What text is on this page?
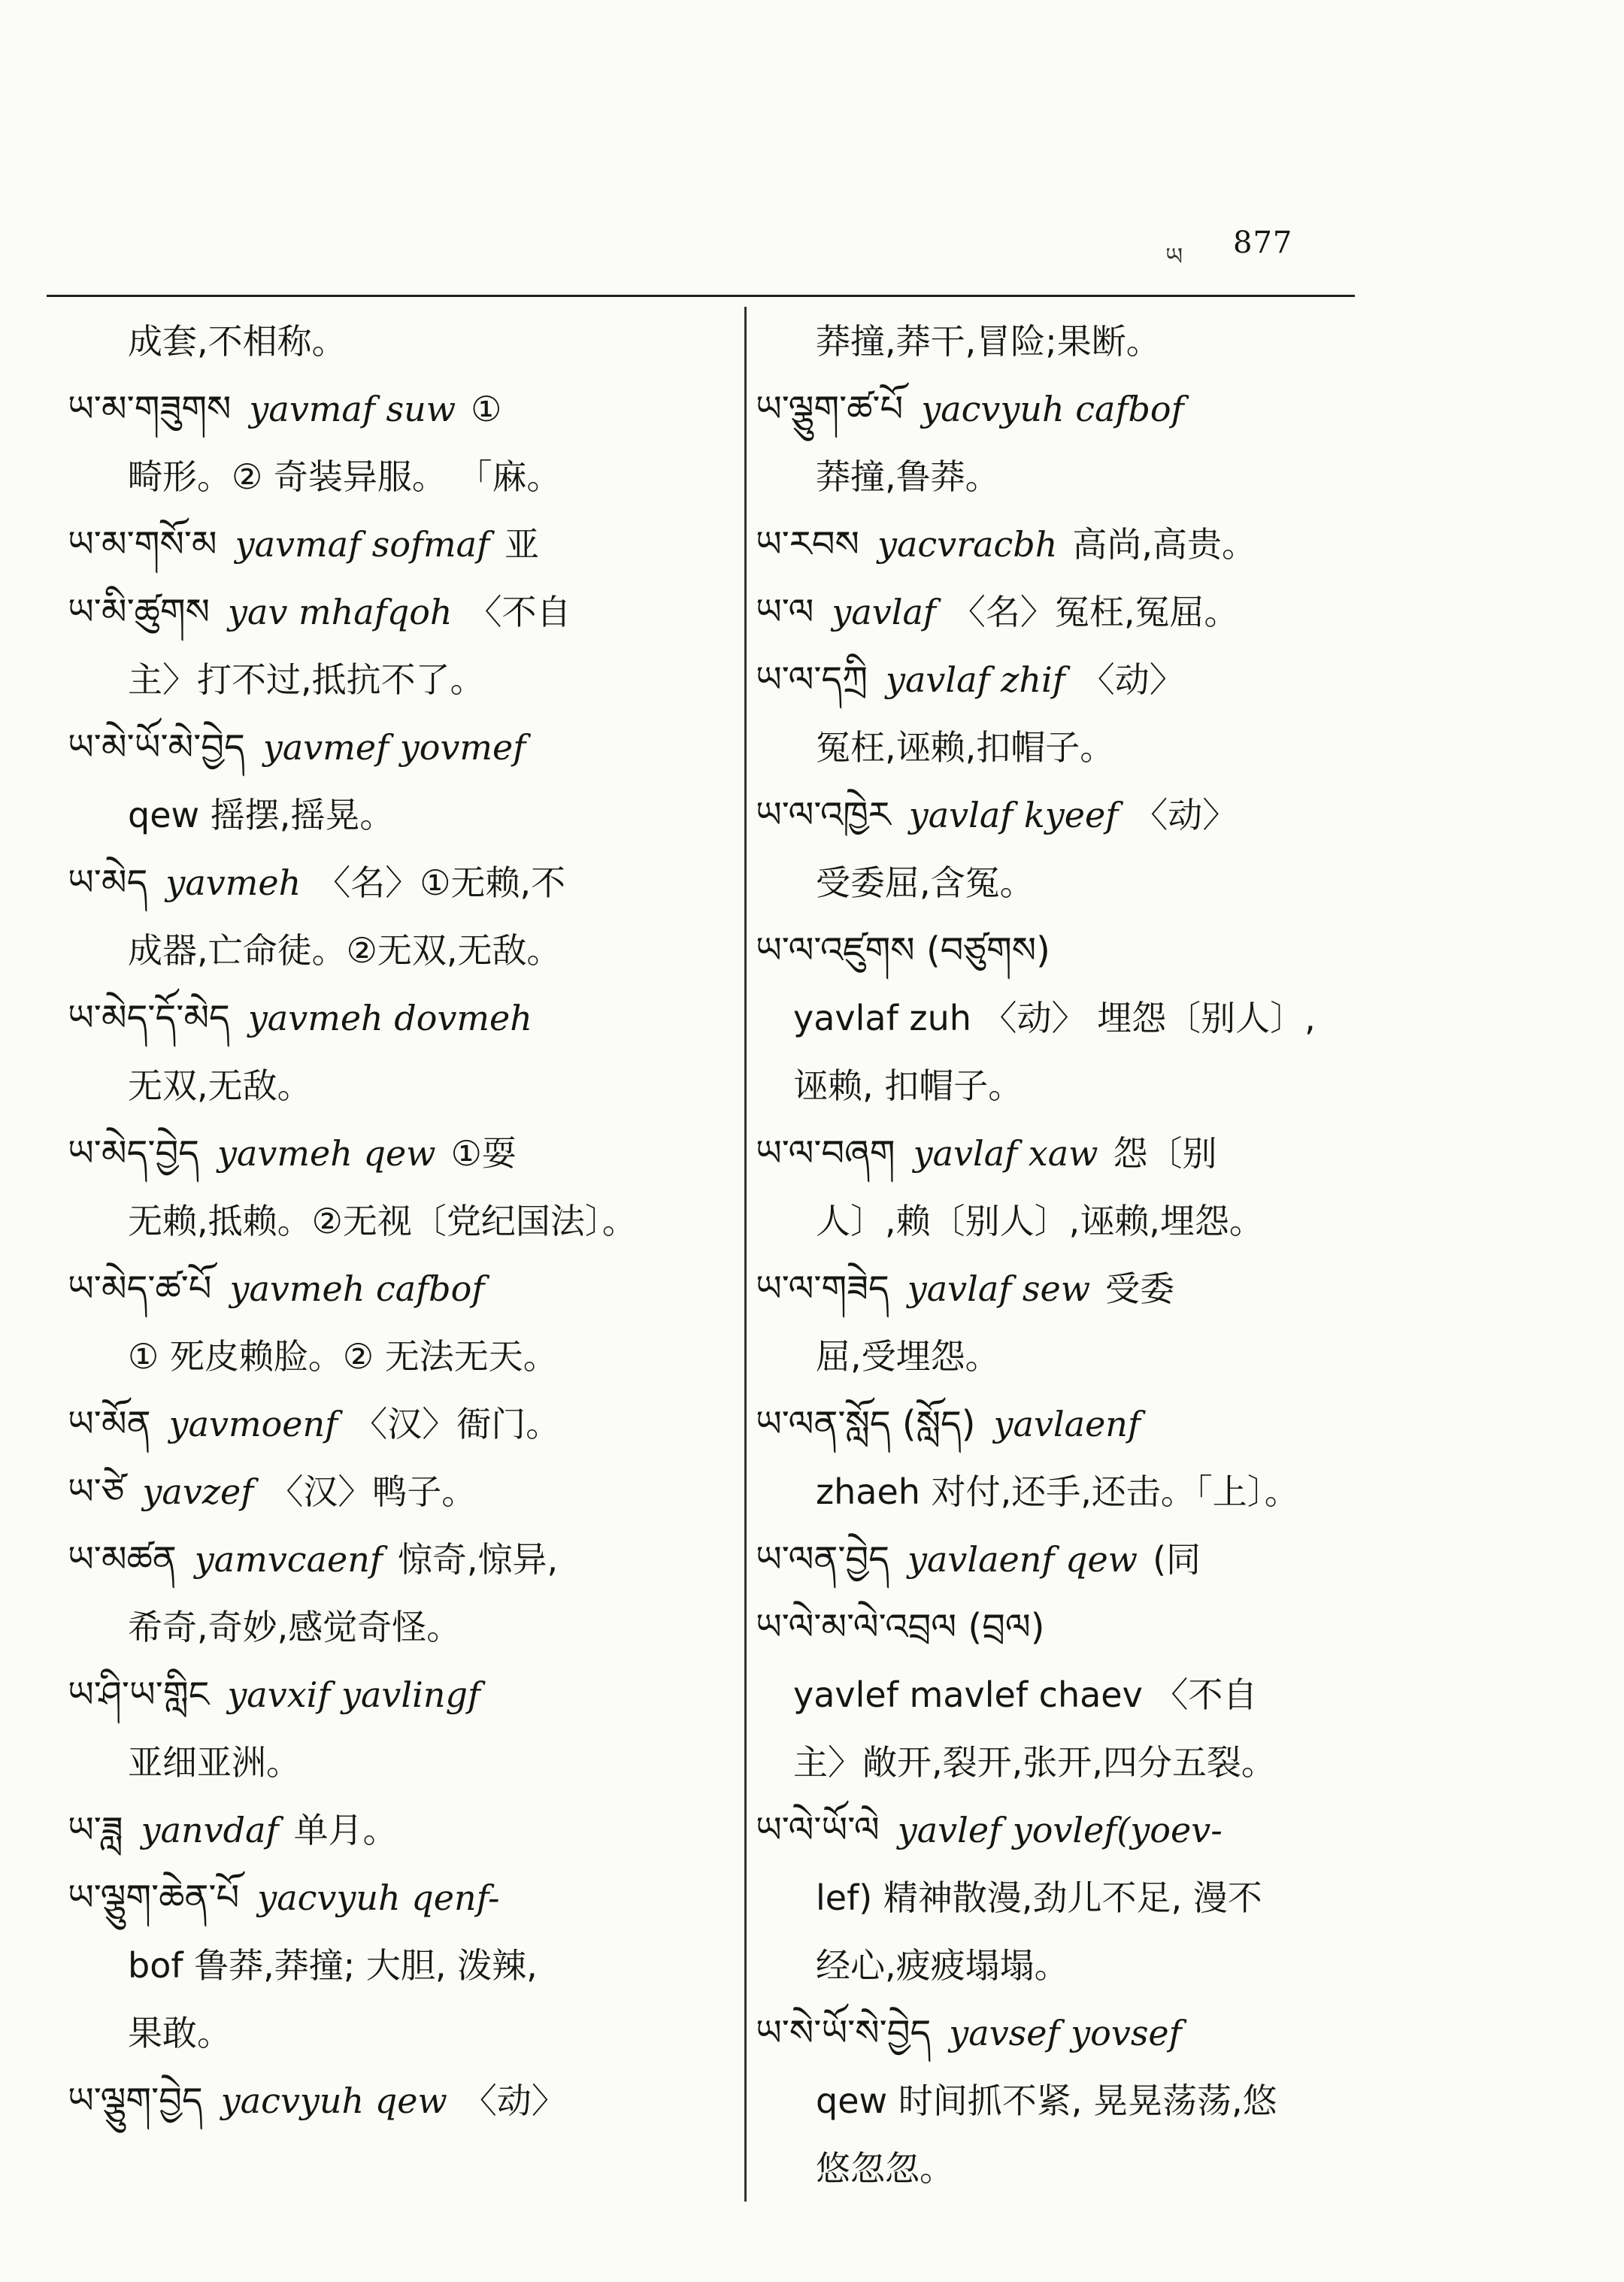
ཡ 877
成套,不相称。
ཡ་མ་གཟུགས yavmaf suw ①
畸形。② 奇装异服。 「麻。
ཡ་མ་གསོ་མ yavmaf sofmaf 亚
ཡ་མི་ཚུགས yav mhafqoh 〈不自
主〉打不过,抵抗不了。
ཡ་མེ་ཡོ་མེ་བྱེད yavmef yovmef
qew 摇摆,摇晃。
ཡ་མེད yavmeh 〈名〉①无赖,不
成器,亡命徒。②无双,无敌。
ཡ་མེད་དོ་མེད yavmeh dovmeh
无双,无敌。
ཡ་མེད་བྱེད yavmeh qew ①耍
无赖,抵赖。②无视〔党纪国法〕。
ཡ་མེད་ཚ་པོ yavmeh cafbof
① 死皮赖脸。② 无法无天。
ཡ་མོན yavmoenf 〈汉〉衙门。
ཡ་ཙེ yavzef 〈汉〉鸭子。
ཡ་མཚན yamvcaenf 惊奇,惊异,
希奇,奇妙,感觉奇怪。
ཡ་ཤི་ཡ་གླིང yavxif yavlingf
亚细亚洲。
ཡ་ཟླ yanvdaf 单月。
ཡ་ལྕུག་ཆེན་པོ yacvyuh qenf-
bof 鲁莽,莽撞; 大胆, 泼辣,
果敢。
ཡ་ལྕུག་བྱེད yacvyuh qew 〈动〉
莽撞,莽干,冒险;果断。
ཡ་ལྕུག་ཚ་པོ yacvyuh cafbof
莽撞,鲁莽。
ཡ་རབས yacvracbh 高尚,高贵。
ཡ་ལ yavlaf 〈名〉冤枉,冤屈。
ཡ་ལ་དཀྲི yavlaf zhif 〈动〉
冤枉,诬赖,扣帽子。
ཡ་ལ་འཁྱེར yavlaf kyeef 〈动〉
受委屈,含冤。
ཡ་ལ་འཛུགས (བཙུགས)
yavlaf zuh 〈动〉 埋怨〔别人〕,
诬赖, 扣帽子。
ཡ་ལ་བཞག yavlaf xaw 怨〔别
人〕,赖〔别人〕,诬赖,埋怨。
ཡ་ལ་གཟེད yavlaf sew 受委
屈,受埋怨。
ཡ་ལན་སློད (སློད) yavlaenf
zhaeh 对付,还手,还击。「上〕。
ཡ་ལན་བྱེད yavlaenf qew (同
ཡ་ལེ་མ་ལེ་འབྲལ (བྲལ)
yavlef mavlef chaev 〈不自
主〉敞开,裂开,张开,四分五裂。
ཡ་ལེ་ཡོ་ལེ yavlef yovlef(yoev-
lef) 精神散漫,劲儿不足, 漫不
经心,疲疲塌塌。
ཡ་སེ་ཡོ་སེ་བྱེད yavsef yovsef
qew 时间抓不紧, 晃晃荡荡,悠
悠忽忽。
